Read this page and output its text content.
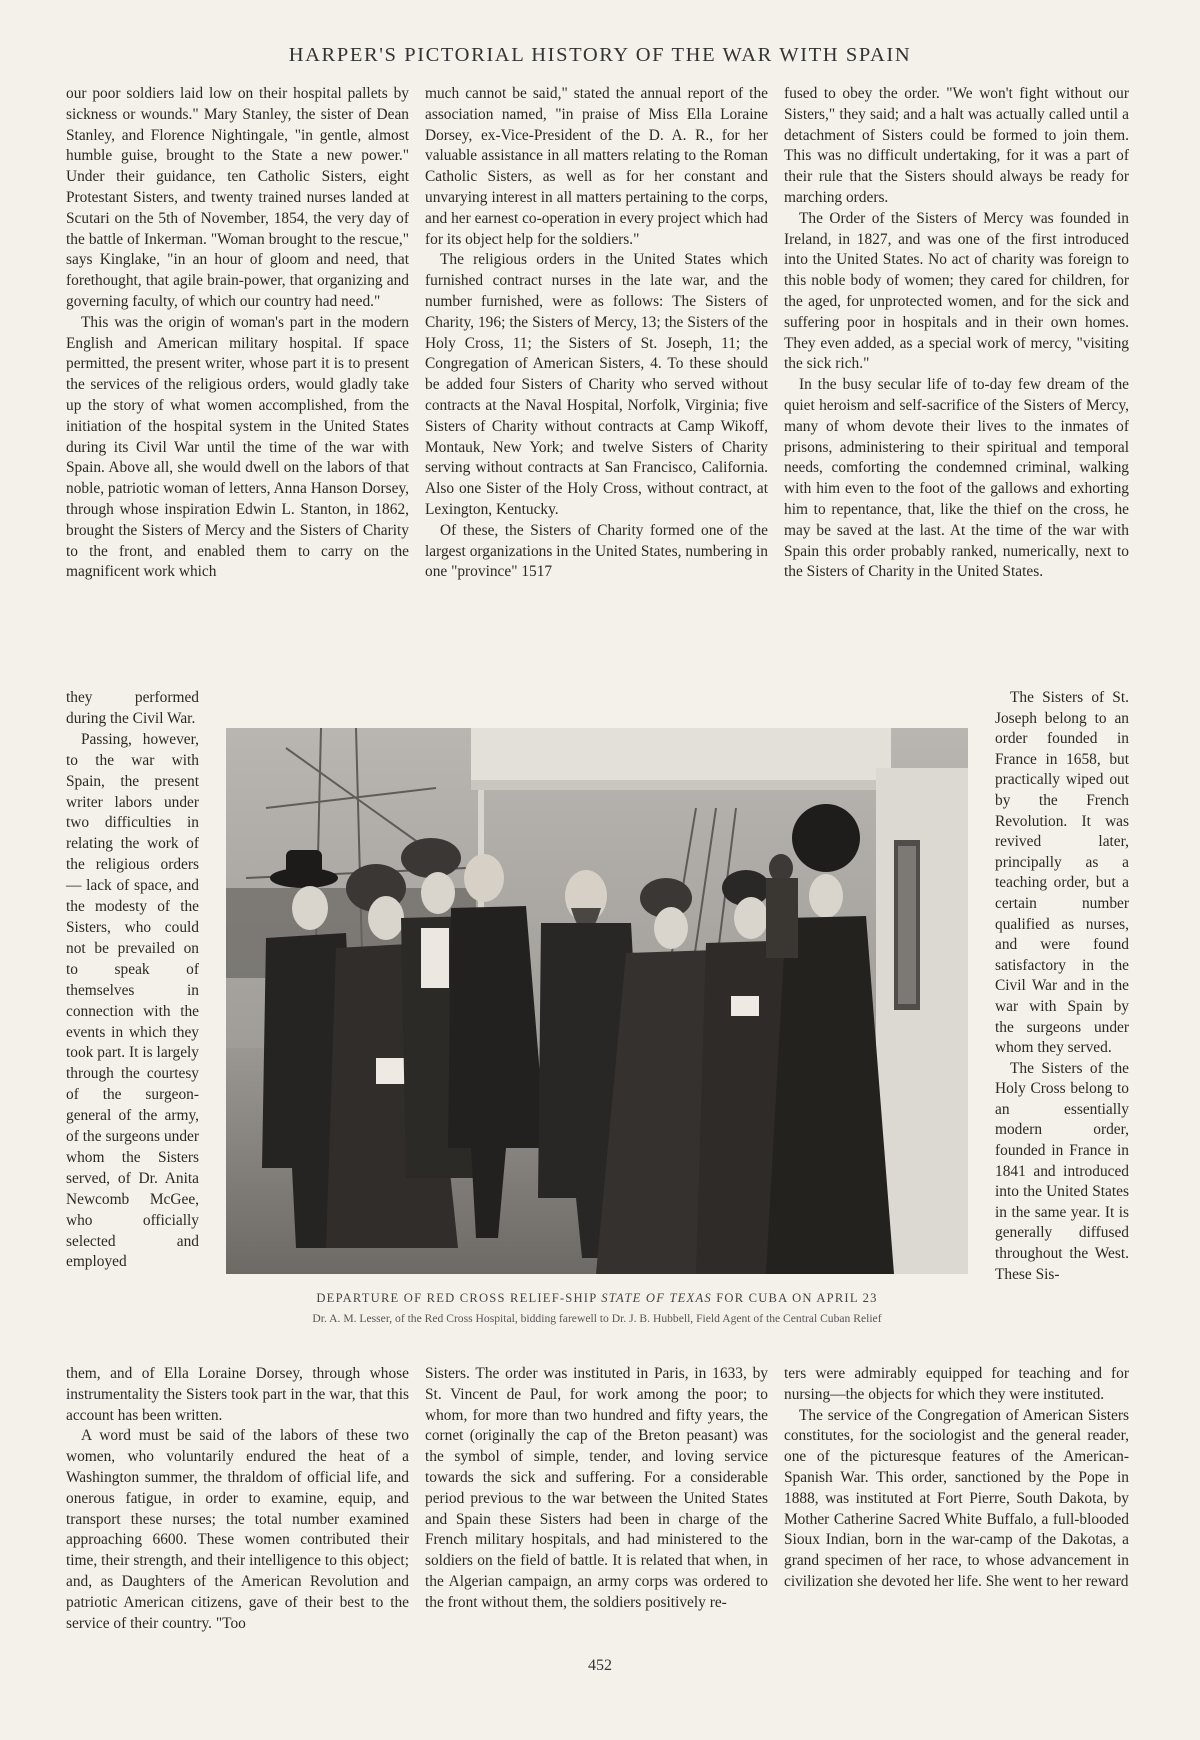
HARPER'S PICTORIAL HISTORY OF THE WAR WITH SPAIN

our poor soldiers laid low on their hospital pallets by sickness or wounds." Mary Stanley, the sister of Dean Stanley, and Florence Nightingale, "in gentle, almost humble guise, brought to the State a new power." Under their guidance, ten Catholic Sisters, eight Protestant Sisters, and twenty trained nurses landed at Scutari on the 5th of November, 1854, the very day of the battle of Inkerman. "Woman brought to the rescue," says Kinglake, "in an hour of gloom and need, that forethought, that agile brain-power, that organizing and governing faculty, of which our country had need."

This was the origin of woman's part in the modern English and American military hospital. If space permitted, the present writer, whose part it is to present the services of the religious orders, would gladly take up the story of what women accomplished, from the initiation of the hospital system in the United States during its Civil War until the time of the war with Spain. Above all, she would dwell on the labors of that noble, patriotic woman of letters, Anna Hanson Dorsey, through whose inspiration Edwin L. Stanton, in 1862, brought the Sisters of Mercy and the Sisters of Charity to the front, and enabled them to carry on the magnificent work which

they performed during the Civil War.

Passing, however, to the war with Spain, the present writer labors under two difficulties in relating the work of the religious orders — lack of space, and the modesty of the Sisters, who could not be prevailed on to speak of themselves in connection with the events in which they took part. It is largely through the courtesy of the surgeon-general of the army, of the surgeons under whom the Sisters served, of Dr. Anita Newcomb McGee, who officially selected and employed

them, and of Ella Loraine Dorsey, through whose instrumentality the Sisters took part in the war, that this account has been written.

A word must be said of the labors of these two women, who voluntarily endured the heat of a Washington summer, the thraldom of official life, and onerous fatigue, in order to examine, equip, and transport these nurses; the total number examined approaching 6600. These women contributed their time, their strength, and their intelligence to this object; and, as Daughters of the American Revolution and patriotic American citizens, gave of their best to the service of their country. "Too

much cannot be said," stated the annual report of the association named, "in praise of Miss Ella Loraine Dorsey, ex-Vice-President of the D. A. R., for her valuable assistance in all matters relating to the Roman Catholic Sisters, as well as for her constant and unvarying interest in all matters pertaining to the corps, and her earnest co-operation in every project which had for its object help for the soldiers."

The religious orders in the United States which furnished contract nurses in the late war, and the number furnished, were as follows: The Sisters of Charity, 196; the Sisters of Mercy, 13; the Sisters of the Holy Cross, 11; the Sisters of St. Joseph, 11; the Congregation of American Sisters, 4. To these should be added four Sisters of Charity who served without contracts at the Naval Hospital, Norfolk, Virginia; five Sisters of Charity without contracts at Camp Wikoff, Montauk, New York; and twelve Sisters of Charity serving without contracts at San Francisco, California. Also one Sister of the Holy Cross, without contract, at Lexington, Kentucky.

Of these, the Sisters of Charity formed one of the largest organizations in the United States, numbering in one "province" 1517

Sisters. The order was instituted in Paris, in 1633, by St. Vincent de Paul, for work among the poor; to whom, for more than two hundred and fifty years, the cornet (originally the cap of the Breton peasant) was the symbol of simple, tender, and loving service towards the sick and suffering. For a considerable period previous to the war between the United States and Spain these Sisters had been in charge of the French military hospitals, and had ministered to the soldiers on the field of battle. It is related that when, in the Algerian campaign, an army corps was ordered to the front without them, the soldiers positively re-

fused to obey the order. "We won't fight without our Sisters," they said; and a halt was actually called until a detachment of Sisters could be formed to join them. This was no difficult undertaking, for it was a part of their rule that the Sisters should always be ready for marching orders.

The Order of the Sisters of Mercy was founded in Ireland, in 1827, and was one of the first introduced into the United States. No act of charity was foreign to this noble body of women; they cared for children, for the aged, for unprotected women, and for the sick and suffering poor in hospitals and in their own homes. They even added, as a special work of mercy, "visiting the sick rich."

In the busy secular life of to-day few dream of the quiet heroism and self-sacrifice of the Sisters of Mercy, many of whom devote their lives to the inmates of prisons, administering to their spiritual and temporal needs, comforting the condemned criminal, walking with him even to the foot of the gallows and exhorting him to repentance, that, like the thief on the cross, he may be saved at the last. At the time of the war with Spain this order probably ranked, numerically, next to the Sisters of Charity in the United States.

The Sisters of St. Joseph belong to an order founded in France in 1658, but practically wiped out by the French Revolution. It was revived later, principally as a teaching order, but a certain number qualified as nurses, and were found satisfactory in the Civil War and in the war with Spain by the surgeons under whom they served.

The Sisters of the Holy Cross belong to an essentially modern order, founded in France in 1841 and introduced into the United States in the same year. It is generally diffused throughout the West. These Sis-

ters were admirably equipped for teaching and for nursing—the objects for which they were instituted.

The service of the Congregation of American Sisters constitutes, for the sociologist and the general reader, one of the picturesque features of the American-Spanish War. This order, sanctioned by the Pope in 1888, was instituted at Fort Pierre, South Dakota, by Mother Catherine Sacred White Buffalo, a full-blooded Sioux Indian, born in the war-camp of the Dakotas, a grand specimen of her race, to whose advancement in civilization she devoted her life. She went to her reward

DEPARTURE OF RED CROSS RELIEF-SHIP STATE OF TEXAS FOR CUBA ON APRIL 23
Dr. A. M. Lesser, of the Red Cross Hospital, bidding farewell to Dr. J. B. Hubbell, Field Agent of the Central Cuban Relief
452
